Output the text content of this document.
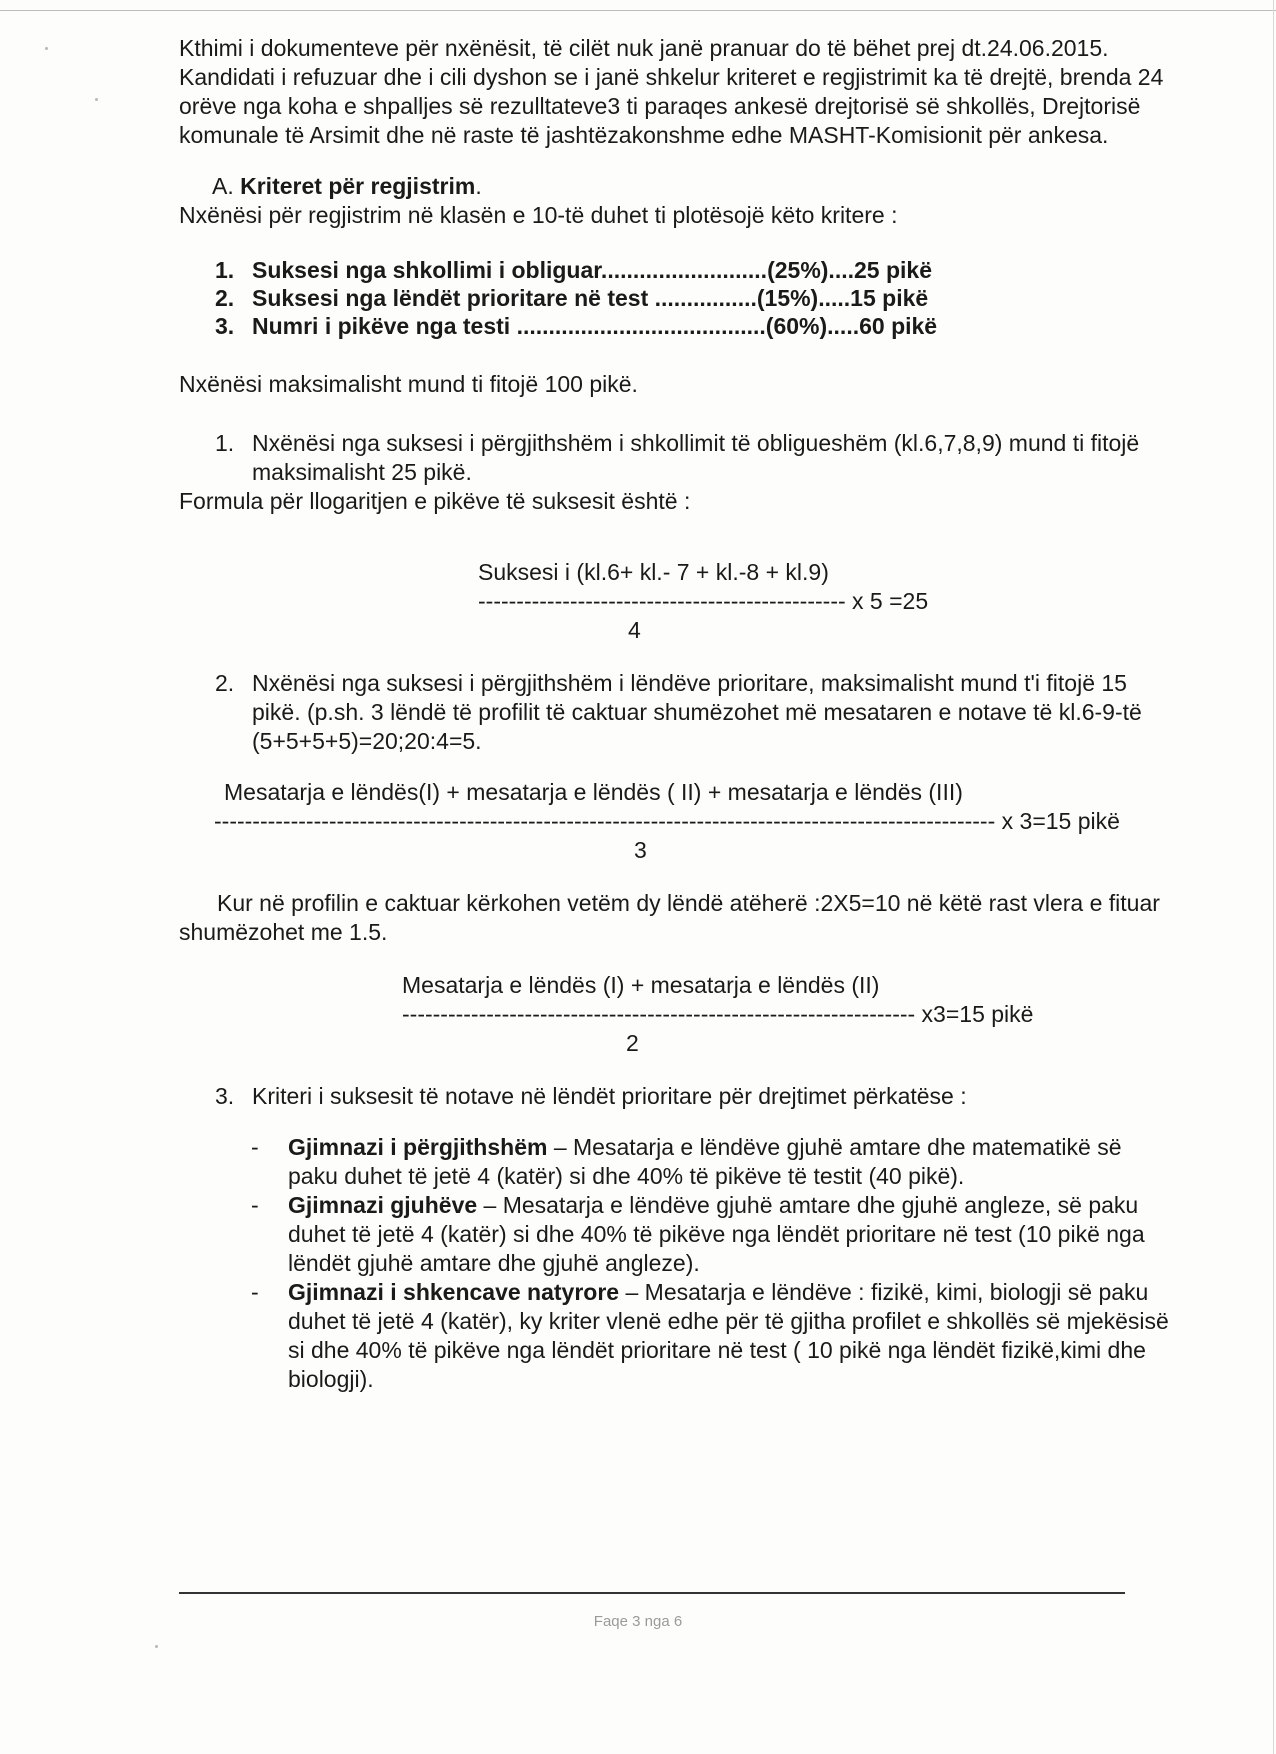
Kthimi i dokumenteve për nxënësit, të cilët nuk janë pranuar do të bëhet prej dt.24.06.2015.

Kandidati i refuzuar dhe i cili dyshon se i janë shkelur kriteret e regjistrimit ka të drejtë, brenda 24 orëve nga koha e shpalljes së rezulltateve3 ti paraqes ankesë drejtorisë së shkollës, Drejtorisë komunale të Arsimit dhe në raste të jashtëzakonshme edhe MASHT-Komisionit për ankesa.

A. Kriteret për regjistrim.

Nxënësi për regjistrim në klasën e 10-të duhet ti plotësojë këto kritere :

1. Suksesi nga shkollimi i obliguar..........................(25%)....25 pikë
2. Suksesi nga lëndët prioritare në test ................(15%).....15 pikë
3. Numri i pikëve nga testi .......................................(60%).....60 pikë

Nxënësi maksimalisht mund ti fitojë 100 pikë.

1. Nxënësi nga suksesi i përgjithshëm i shkollimit të obligueshëm (kl.6,7,8,9) mund ti fitojë maksimalisht 25 pikë.

Formula për llogaritjen e pikëve të suksesit është :

Suksesi i (kl.6+ kl.- 7 + kl.-8 + kl.9)

------------------------------------------------ x 5 =25

4

2. Nxënësi nga suksesi i përgjithshëm i lëndëve prioritare, maksimalisht mund t'i fitojë 15 pikë. (p.sh. 3 lëndë të profilit të caktuar shumëzohet më mesataren e notave të kl.6-9-të (5+5+5+5)=20;20:4=5.

Mesatarja e lëndës(I) + mesatarja e lëndës ( II) + mesatarja e lëndës (III)

------------------------------------------------------------------------------------------------------ x 3=15 pikë

3

Kur në profilin e caktuar kërkohen vetëm dy lëndë atëherë :2X5=10 në këtë rast vlera e fituar shumëzohet me 1.5.

Mesatarja e lëndës (I) + mesatarja e lëndës (II)

------------------------------------------------------------------- x3=15 pikë

2

3. Kriteri i suksesit të notave në lëndët prioritare për drejtimet përkatëse :
-	Gjimnazi i përgjithshëm – Mesatarja e lëndëve gjuhë amtare dhe matematikë së paku duhet të jetë 4 (katër) si dhe 40% të pikëve të testit (40 pikë).
-	Gjimnazi gjuhëve – Mesatarja e lëndëve gjuhë amtare dhe gjuhë angleze, së paku duhet të jetë 4 (katër) si dhe 40% të pikëve nga lëndët prioritare në test (10 pikë nga lëndët gjuhë amtare dhe gjuhë angleze).
-	Gjimnazi i shkencave natyrore – Mesatarja e lëndëve : fizikë, kimi, biologji së paku duhet të jetë 4 (katër), ky kriter vlenë edhe për të gjitha profilet e shkollës së mjekësisë si dhe 40% të pikëve nga lëndët prioritare në test ( 10 pikë nga lëndët fizikë,kimi dhe biologji).
Faqe 3 nga 6
